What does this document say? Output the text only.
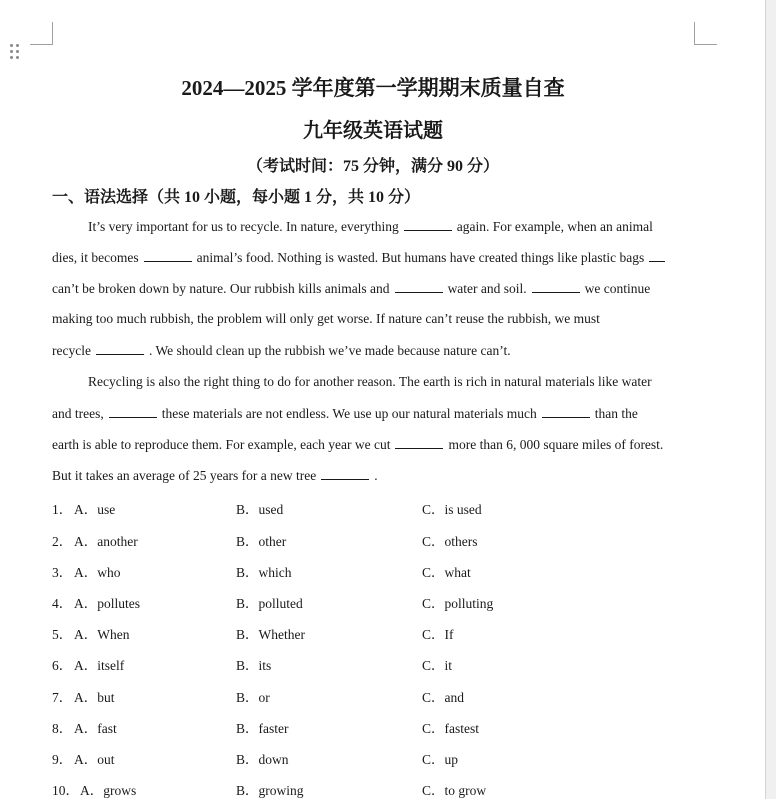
2024—2025 学年度第一学期期末质量自查
九年级英语试题
（考试时间：75 分钟，满分 90 分）
一、语法选择（共 10 小题，每小题 1 分，共 10 分）
It’s very important for us to recycle. In nature, everything	again. For example, when an animal
dies, it becomes	animal’s food. Nothing is wasted. But humans have created things like plastic bags
can’t be broken down by nature. Our rubbish kills animals and	water and soil.	we continue
making too much rubbish, the problem will only get worse. If nature can’t reuse the rubbish, we must
recycle	. We should clean up the rubbish we’ve made because nature can’t.
Recycling is also the right thing to do for another reason. The earth is rich in natural materials like water
and trees,	these materials are not endless. We use up our natural materials much	than the
earth is able to reproduce them. For example, each year we cut	more than 6, 000 square miles of forest.
But it takes an average of 25 years for a new tree	.
1． A．use	B．used	C．is used
2． A．another	B．other	C．others
3． A．who	B．which	C．what
4． A．pollutes	B．polluted	C．polluting
5． A．When	B．Whether	C．If
6． A．itself	B．its	C．it
7． A．but	B．or	C．and
8． A．fast	B．faster	C．fastest
9． A．out	B．down	C．up
10． A．grows	B．growing	C．to grow
